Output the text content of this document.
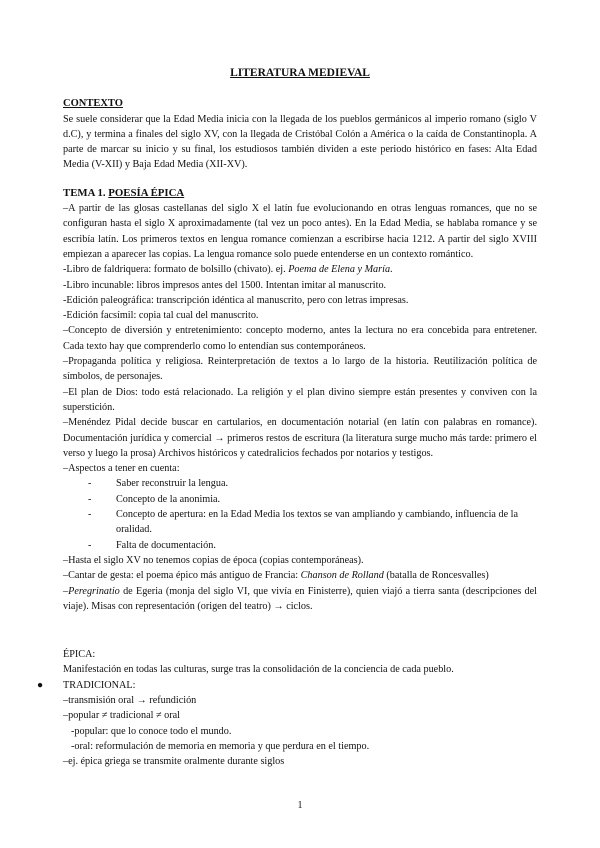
LITERATURA MEDIEVAL

CONTEXTO

Se suele considerar que la Edad Media inicia con la llegada de los pueblos germánicos al imperio romano (siglo V d.C), y termina a finales del siglo XV, con la llegada de Cristóbal Colón a América o la caída de Constantinopla. A parte de marcar su inicio y su final, los estudiosos también dividen a este periodo histórico en fases: Alta Edad Media (V-XII) y Baja Edad Media (XII-XV).

TEMA 1. POESÍA ÉPICA

–A partir de las glosas castellanas del siglo X el latín fue evolucionando en otras lenguas romances, que no se configuran hasta el siglo X aproximadamente (tal vez un poco antes). En la Edad Media, se hablaba romance y se escribía latín. Los primeros textos en lengua romance comienzan a escribirse hacia 1212. A partir del siglo XVIII empiezan a aparecer las copias. La lengua romance solo puede entenderse en un contexto romántico.

-Libro de faldriquera: formato de bolsillo (chivato). ej. Poema de Elena y María.

-Libro incunable: libros impresos antes del 1500. Intentan imitar al manuscrito.

-Edición paleográfica: transcripción idéntica al manuscrito, pero con letras impresas.

-Edición facsímil: copia tal cual del manuscrito.

–Concepto de diversión y entretenimiento: concepto moderno, antes la lectura no era concebida para entretener. Cada texto hay que comprenderlo como lo entendían sus contemporáneos.

–Propaganda política y religiosa. Reinterpretación de textos a lo largo de la historia. Reutilización política de símbolos, de personajes.

–El plan de Dios: todo está relacionado. La religión y el plan divino siempre están presentes y conviven con la superstición.

–Menéndez Pidal decide buscar en cartularios, en documentación notarial (en latín con palabras en romance). Documentación jurídica y comercial → primeros restos de escritura (la literatura surge mucho más tarde: primero el verso y luego la prosa) Archivos históricos y catedralicios fechados por notarios y testigos.

–Aspectos a tener en cuenta:

-	Saber reconstruir la lengua.
-	Concepto de la anonimia.
-	Concepto de apertura: en la Edad Media los textos se van ampliando y cambiando, influencia de la oralidad.
-	Falta de documentación.

–Hasta el siglo XV no tenemos copias de época (copias contemporáneas).

–Cantar de gesta: el poema épico más antiguo de Francia: Chanson de Rolland (batalla de Roncesvalles)

–Peregrinatio de Egeria (monja del siglo VI, que vivía en Finisterre), quien viajó a tierra santa (descripciones del viaje). Misas con representación (origen del teatro) → ciclos.

ÉPICA:

Manifestación en todas las culturas, surge tras la consolidación de la conciencia de cada pueblo.

● TRADICIONAL:

–transmisión oral → refundición

–popular ≠ tradicional ≠ oral

-popular: que lo conoce todo el mundo.

-oral: reformulación de memoria en memoria y que perdura en el tiempo.

–ej. épica griega se transmite oralmente durante siglos

1
